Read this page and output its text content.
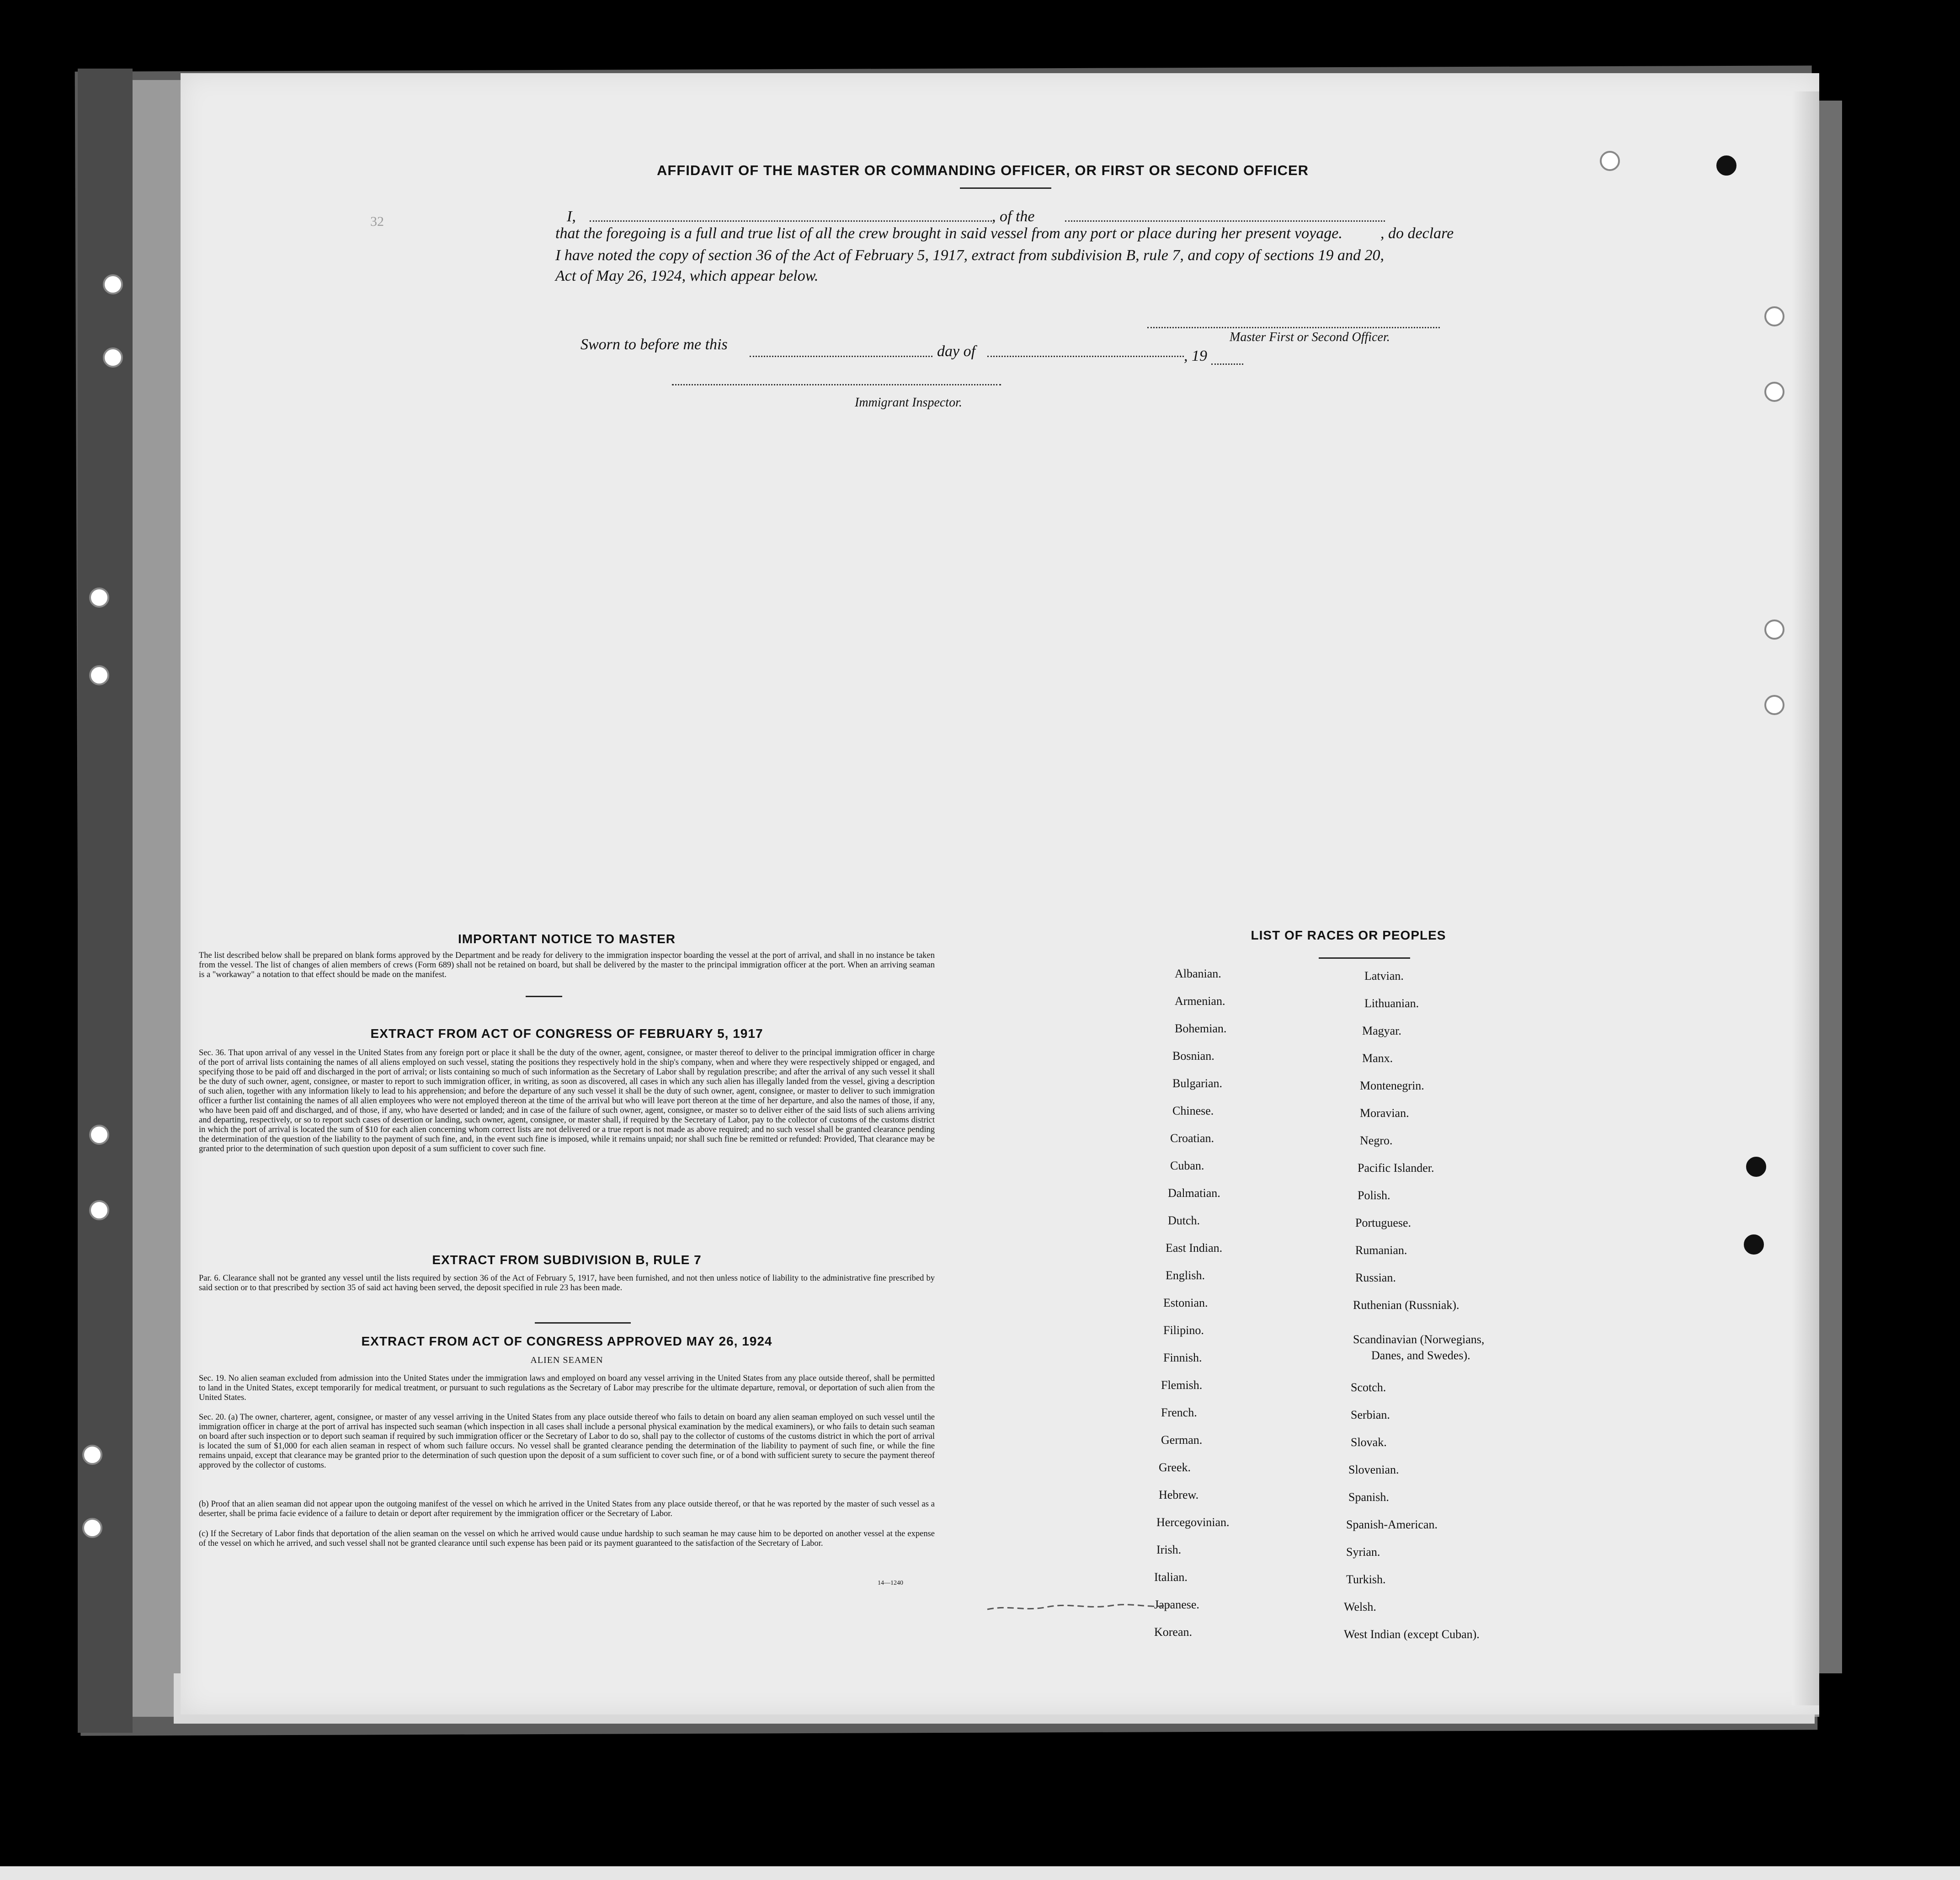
AFFIDAVIT OF THE MASTER OR COMMANDING OFFICER, OR FIRST OR SECOND OFFICER
I,	, of the
that the foregoing is a full and true list of all the crew brought in said vessel from any port or place during her present voyage.	, do declare
I have noted the copy of section 36 of the Act of February 5, 1917, extract from subdivision B, rule 7, and copy of sections 19 and 20,
Act of May 26, 1924, which appear below.
Master First or Second Officer.
Sworn to before me this	day of	, 19
Immigrant Inspector.
32
IMPORTANT NOTICE TO MASTER
The list described below shall be prepared on blank forms approved by the Department and be ready for delivery to the immigration inspector boarding the vessel at the port of arrival, and shall in no instance be taken from the vessel. The list of changes of alien members of crews (Form 689) shall not be retained on board, but shall be delivered by the master to the principal immigration officer at the port. When an arriving seaman is a "workaway" a notation to that effect should be made on the manifest.
EXTRACT FROM ACT OF CONGRESS OF FEBRUARY 5, 1917
Sec. 36. That upon arrival of any vessel in the United States from any foreign port or place it shall be the duty of the owner, agent, consignee, or master thereof to deliver to the principal immigration officer in charge of the port of arrival lists containing the names of all aliens employed on such vessel, stating the positions they respectively hold in the ship's company, when and where they were respectively shipped or engaged, and specifying those to be paid off and discharged in the port of arrival; or lists containing so much of such information as the Secretary of Labor shall by regulation prescribe; and after the arrival of any such vessel it shall be the duty of such owner, agent, consignee, or master to report to such immigration officer, in writing, as soon as discovered, all cases in which any such alien has illegally landed from the vessel, giving a description of such alien, together with any information likely to lead to his apprehension; and before the departure of any such vessel it shall be the duty of such owner, agent, consignee, or master to deliver to such immigration officer a further list containing the names of all alien employees who were not employed thereon at the time of the arrival but who will leave port thereon at the time of her departure, and also the names of those, if any, who have been paid off and discharged, and of those, if any, who have deserted or landed; and in case of the failure of such owner, agent, consignee, or master so to deliver either of the said lists of such aliens arriving and departing, respectively, or so to report such cases of desertion or landing, such owner, agent, consignee, or master shall, if required by the Secretary of Labor, pay to the collector of customs of the customs district in which the port of arrival is located the sum of $10 for each alien concerning whom correct lists are not delivered or a true report is not made as above required; and no such vessel shall be granted clearance pending the determination of the question of the liability to the payment of such fine, and, in the event such fine is imposed, while it remains unpaid; nor shall such fine be remitted or refunded: Provided, That clearance may be granted prior to the determination of such question upon deposit of a sum sufficient to cover such fine.
EXTRACT FROM SUBDIVISION B, RULE 7
Par. 6. Clearance shall not be granted any vessel until the lists required by section 36 of the Act of February 5, 1917, have been furnished, and not then unless notice of liability to the administrative fine prescribed by said section or to that prescribed by section 35 of said act having been served, the deposit specified in rule 23 has been made.
EXTRACT FROM ACT OF CONGRESS APPROVED MAY 26, 1924
ALIEN SEAMEN
Sec. 19. No alien seaman excluded from admission into the United States under the immigration laws and employed on board any vessel arriving in the United States from any place outside thereof, shall be permitted to land in the United States, except temporarily for medical treatment, or pursuant to such regulations as the Secretary of Labor may prescribe for the ultimate departure, removal, or deportation of such alien from the United States.
Sec. 20. (a) The owner, charterer, agent, consignee, or master of any vessel arriving in the United States from any place outside thereof who fails to detain on board any alien seaman employed on such vessel until the immigration officer in charge at the port of arrival has inspected such seaman (which inspection in all cases shall include a personal physical examination by the medical examiners), or who fails to detain such seaman on board after such inspection or to deport such seaman if required by such immigration officer or the Secretary of Labor to do so, shall pay to the collector of customs of the customs district in which the port of arrival is located the sum of $1,000 for each alien seaman in respect of whom such failure occurs. No vessel shall be granted clearance pending the determination of the liability to payment of such fine, or while the fine remains unpaid, except that clearance may be granted prior to the determination of such question upon the deposit of a sum sufficient to cover such fine, or of a bond with sufficient surety to secure the payment thereof approved by the collector of customs.
(b) Proof that an alien seaman did not appear upon the outgoing manifest of the vessel on which he arrived in the United States from any place outside thereof, or that he was reported by the master of such vessel as a deserter, shall be prima facie evidence of a failure to detain or deport after requirement by the immigration officer or the Secretary of Labor.
(c) If the Secretary of Labor finds that deportation of the alien seaman on the vessel on which he arrived would cause undue hardship to such seaman he may cause him to be deported on another vessel at the expense of the vessel on which he arrived, and such vessel shall not be granted clearance until such expense has been paid or its payment guaranteed to the satisfaction of the Secretary of Labor.
14—1240
LIST OF RACES OR PEOPLES
Albanian.
Armenian.
Bohemian.
Bosnian.
Bulgarian.
Chinese.
Croatian.
Cuban.
Dalmatian.
Dutch.
East Indian.
English.
Estonian.
Filipino.
Finnish.
Flemish.
French.
German.
Greek.
Hebrew.
Hercegovinian.
Irish.
Italian.
Japanese.
Korean.
Latvian.
Lithuanian.
Magyar.
Manx.
Montenegrin.
Moravian.
Negro.
Pacific Islander.
Polish.
Portuguese.
Rumanian.
Russian.
Ruthenian (Russniak).
Scandinavian (Norwegians,
Danes, and Swedes).
Scotch.
Serbian.
Slovak.
Slovenian.
Spanish.
Spanish-American.
Syrian.
Turkish.
Welsh.
West Indian (except Cuban).
